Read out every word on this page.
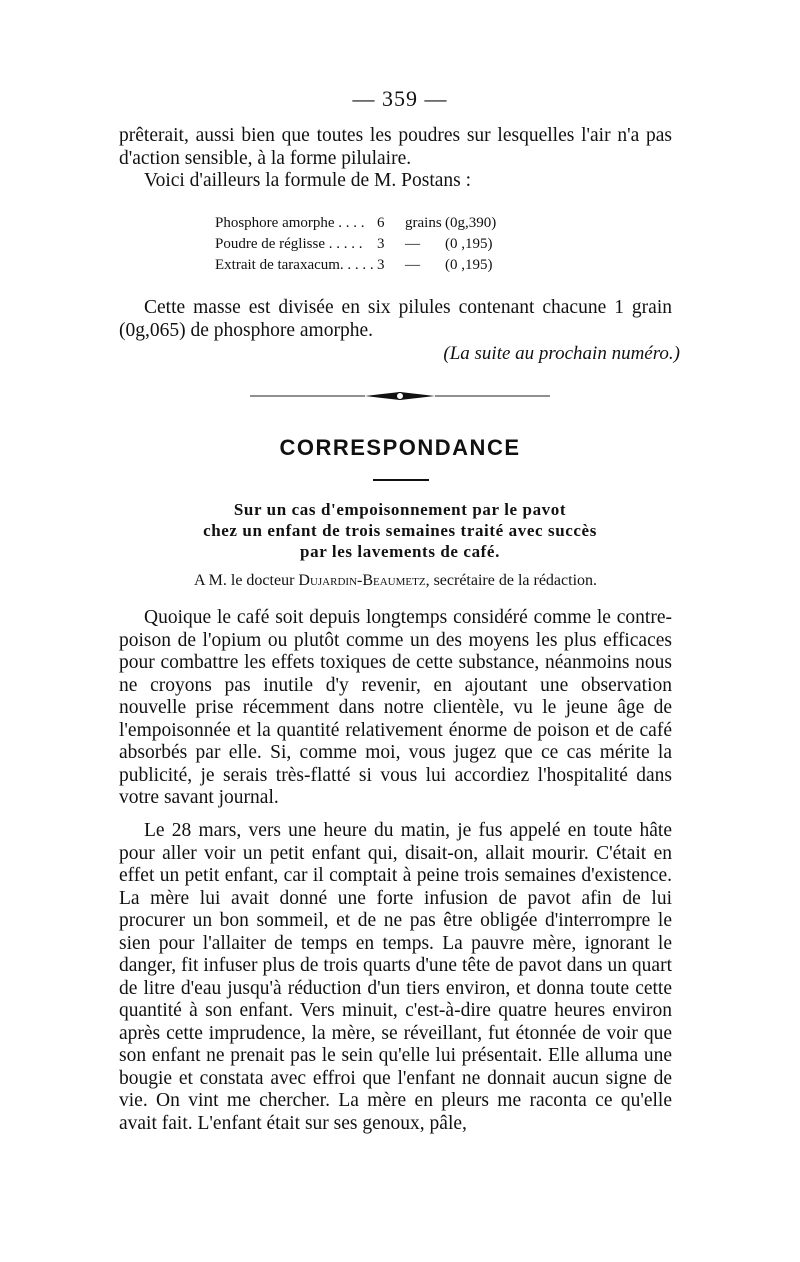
— 359 —

prêterait, aussi bien que toutes les poudres sur lesquelles l'air n'a pas d'action sensible, à la forme pilulaire.

Voici d'ailleurs la formule de M. Postans :

Phosphore amorphe . . . . 6	grains (0g,390)
Poudre de réglisse . . . . . 3	—	(0 ,195)
Extrait de taraxacum. . . . . 3	—	(0 ,195)

Cette masse est divisée en six pilules contenant chacune 1 grain (0g,065) de phosphore amorphe.

(La suite au prochain numéro.)
CORRESPONDANCE
Sur un cas d'empoisonnement par le pavot
chez un enfant de trois semaines traité avec succès
par les lavements de café.
A M. le docteur Dujardin-Beaumetz, secrétaire de la rédaction.

Quoique le café soit depuis longtemps considéré comme le contre-poison de l'opium ou plutôt comme un des moyens les plus efficaces pour combattre les effets toxiques de cette substance, néanmoins nous ne croyons pas inutile d'y revenir, en ajoutant une observation nouvelle prise récemment dans notre clientèle, vu le jeune âge de l'empoisonnée et la quantité relativement énorme de poison et de café absorbés par elle. Si, comme moi, vous jugez que ce cas mérite la publicité, je serais très-flatté si vous lui accordiez l'hospitalité dans votre savant journal.

Le 28 mars, vers une heure du matin, je fus appelé en toute hâte pour aller voir un petit enfant qui, disait-on, allait mourir. C'était en effet un petit enfant, car il comptait à peine trois semaines d'existence. La mère lui avait donné une forte infusion de pavot afin de lui procurer un bon sommeil, et de ne pas être obligée d'interrompre le sien pour l'allaiter de temps en temps. La pauvre mère, ignorant le danger, fit infuser plus de trois quarts d'une tête de pavot dans un quart de litre d'eau jusqu'à réduction d'un tiers environ, et donna toute cette quantité à son enfant. Vers minuit, c'est-à-dire quatre heures environ après cette imprudence, la mère, se réveillant, fut étonnée de voir que son enfant ne prenait pas le sein qu'elle lui présentait. Elle alluma une bougie et constata avec effroi que l'enfant ne donnait aucun signe de vie. On vint me chercher. La mère en pleurs me raconta ce qu'elle avait fait. L'enfant était sur ses genoux, pâle,
